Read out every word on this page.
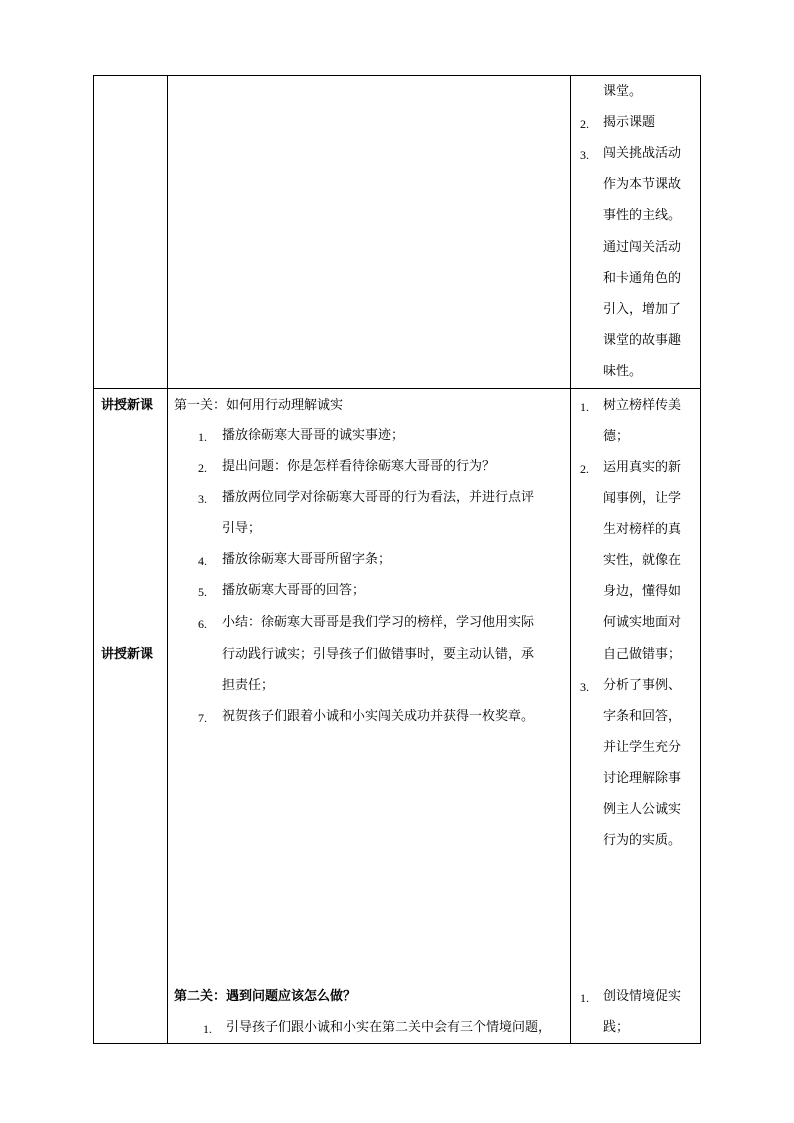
课堂。
2. 揭示课题
3. 闯关挑战活动
作为本节课故
事性的主线。
通过闯关活动
和卡通角色的
引入，增加了
课堂的故事趣
味性。
讲授新课
讲授新课
第一关：如何用行动理解诚实
1. 播放徐砺寒大哥哥的诚实事迹；
2. 提出问题：你是怎样看待徐砺寒大哥哥的行为？
3. 播放两位同学对徐砺寒大哥哥的行为看法，并进行点评
引导；
4. 播放徐砺寒大哥哥所留字条；
5. 播放砺寒大哥哥的回答；
6. 小结：徐砺寒大哥哥是我们学习的榜样，学习他用实际
行动践行诚实；引导孩子们做错事时，要主动认错，承
担责任；
7. 祝贺孩子们跟着小诚和小实闯关成功并获得一枚奖章。
1. 树立榜样传美
德；
2. 运用真实的新
闻事例，让学
生对榜样的真
实性，就像在
身边，懂得如
何诚实地面对
自己做错事；
3. 分析了事例、
字条和回答，
并让学生充分
讨论理解除事
例主人公诚实
行为的实质。
第二关：遇到问题应该怎么做？
1. 引导孩子们跟小诚和小实在第二关中会有三个情境问题，
1. 创设情境促实
践；
